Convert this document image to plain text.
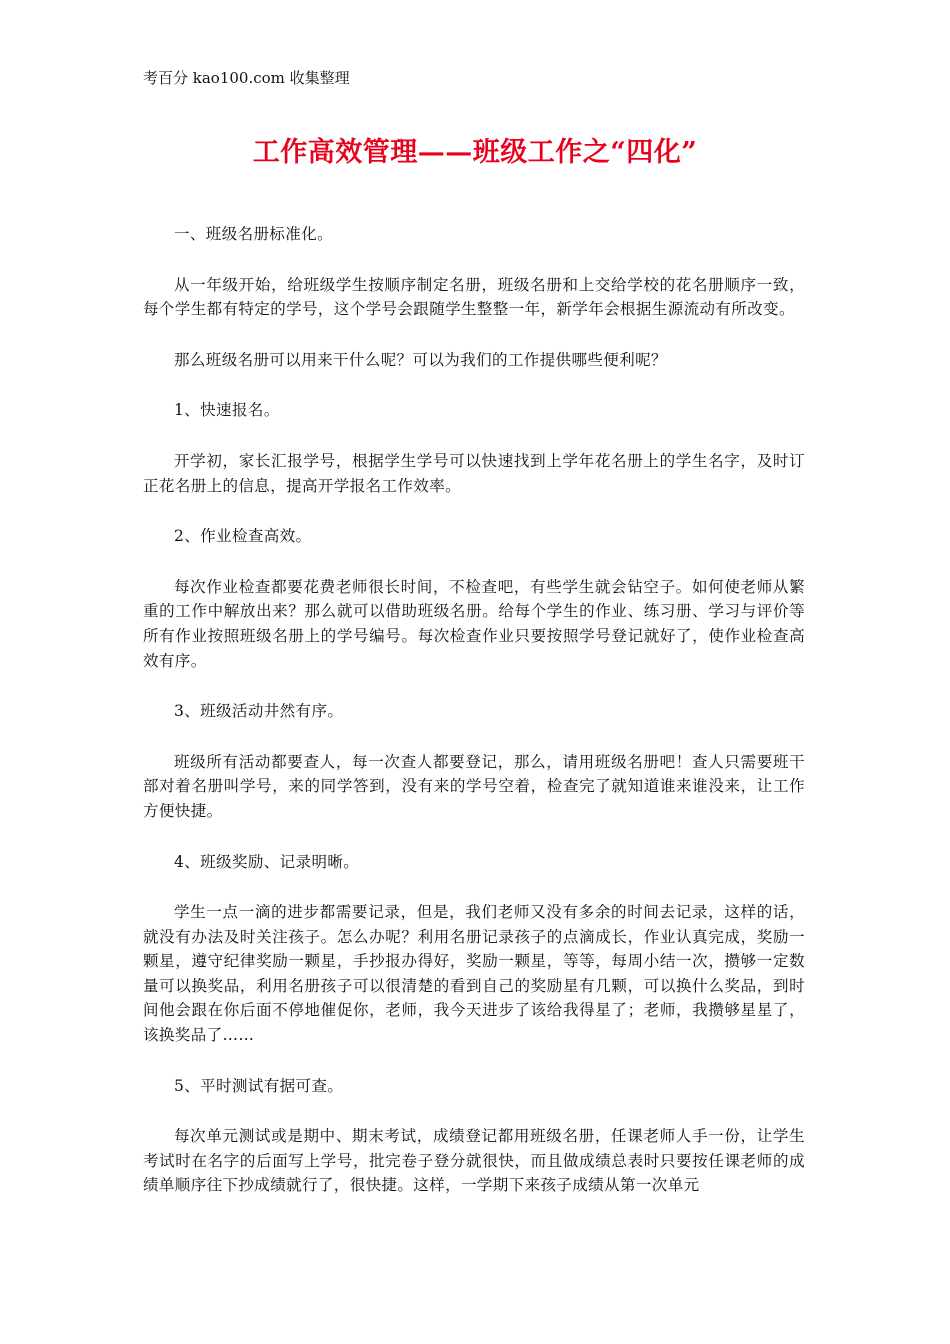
考百分 kao100.com 收集整理
工作高效管理——班级工作之“四化”

一、班级名册标准化。

从一年级开始，给班级学生按顺序制定名册，班级名册和上交给学校的花名册顺序一致，每个学生都有特定的学号，这个学号会跟随学生整整一年，新学年会根据生源流动有所改变。

那么班级名册可以用来干什么呢？可以为我们的工作提供哪些便利呢？

1、快速报名。

开学初，家长汇报学号，根据学生学号可以快速找到上学年花名册上的学生名字，及时订正花名册上的信息，提高开学报名工作效率。

2、作业检查高效。

每次作业检查都要花费老师很长时间，不检查吧，有些学生就会钻空子。如何使老师从繁重的工作中解放出来？那么就可以借助班级名册。给每个学生的作业、练习册、学习与评价等所有作业按照班级名册上的学号编号。每次检查作业只要按照学号登记就好了，使作业检查高效有序。

3、班级活动井然有序。

班级所有活动都要查人，每一次查人都要登记，那么，请用班级名册吧！查人只需要班干部对着名册叫学号，来的同学答到，没有来的学号空着，检查完了就知道谁来谁没来，让工作方便快捷。

4、班级奖励、记录明晰。

学生一点一滴的进步都需要记录，但是，我们老师又没有多余的时间去记录，这样的话，就没有办法及时关注孩子。怎么办呢？利用名册记录孩子的点滴成长，作业认真完成，奖励一颗星，遵守纪律奖励一颗星，手抄报办得好，奖励一颗星，等等，每周小结一次，攒够一定数量可以换奖品，利用名册孩子可以很清楚的看到自己的奖励星有几颗，可以换什么奖品，到时间他会跟在你后面不停地催促你，老师，我今天进步了该给我得星了；老师，我攒够星星了，该换奖品了……

5、平时测试有据可查。

每次单元测试或是期中、期末考试，成绩登记都用班级名册，任课老师人手一份，让学生考试时在名字的后面写上学号，批完卷子登分就很快，而且做成绩总表时只要按任课老师的成绩单顺序往下抄成绩就行了，很快捷。这样，一学期下来孩子成绩从第一次单元
